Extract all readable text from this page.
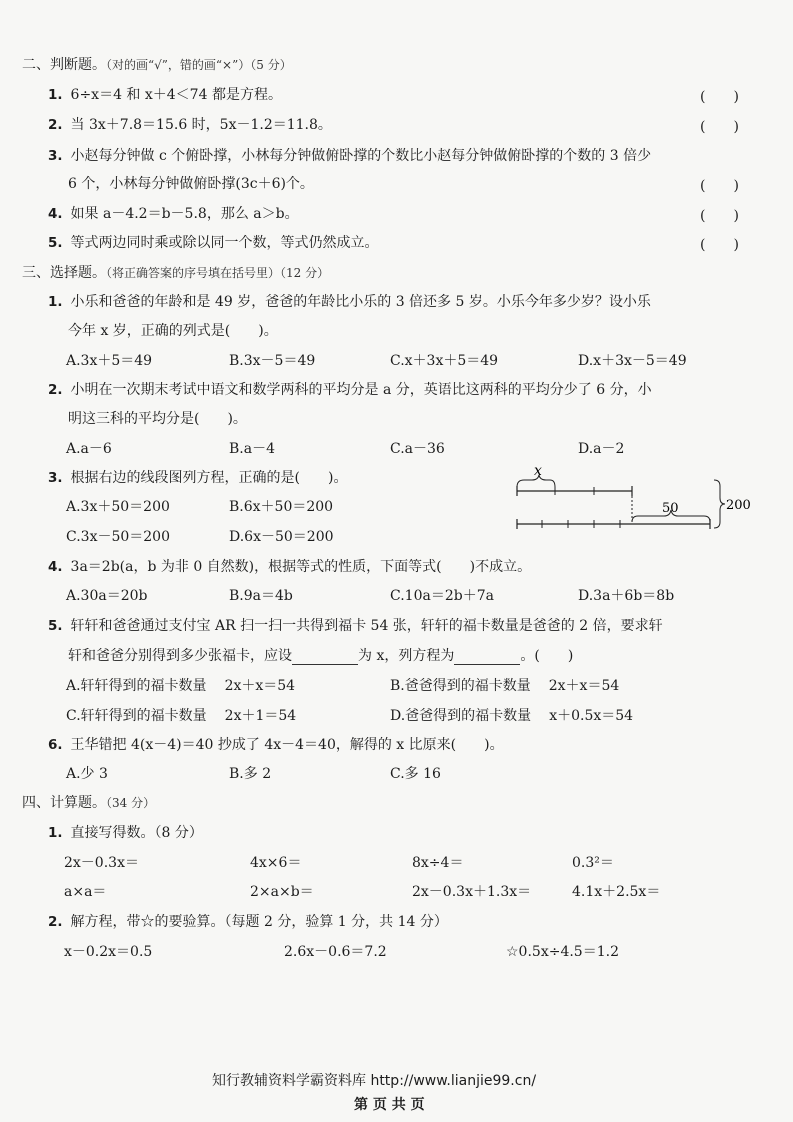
二、判断题。（对的画“√”，错的画“×”）（5 分）
1. 6÷x＝4 和 x＋4＜74 都是方程。	(　　)
2. 当 3x＋7.8＝15.6 时，5x－1.2＝11.8。	(　　)
3. 小赵每分钟做 c 个俯卧撑，小林每分钟做俯卧撑的个数比小赵每分钟做俯卧撑的个数的 3 倍少
6 个，小林每分钟做俯卧撑(3c＋6)个。	(　　)
4. 如果 a－4.2＝b－5.8，那么 a＞b。	(　　)
5. 等式两边同时乘或除以同一个数，等式仍然成立。	(　　)
三、选择题。（将正确答案的序号填在括号里）（12 分）
1. 小乐和爸爸的年龄和是 49 岁，爸爸的年龄比小乐的 3 倍还多 5 岁。小乐今年多少岁？设小乐
今年 x 岁，正确的列式是(　　)。
A.3x＋5＝49	B.3x－5＝49	C.x＋3x＋5＝49	D.x＋3x－5＝49
2. 小明在一次期末考试中语文和数学两科的平均分是 a 分，英语比这两科的平均分少了 6 分，小
明这三科的平均分是(　　)。
A.a－6	B.a－4	C.a－36	D.a－2
3. 根据右边的线段图列方程，正确的是(　　)。
A.3x＋50＝200	B.6x＋50＝200
C.3x－50＝200	D.6x－50＝200
x
50	200
4. 3a＝2b(a，b 为非 0 自然数)，根据等式的性质，下面等式(　　)不成立。
A.30a＝20b	B.9a＝4b	C.10a＝2b＋7a	D.3a＋6b＝8b
5. 轩轩和爸爸通过支付宝 AR 扫一扫一共得到福卡 54 张，轩轩的福卡数量是爸爸的 2 倍，要求轩
轩和爸爸分别得到多少张福卡，应设	为 x，列方程为	。(　　)
A.轩轩得到的福卡数量 2x＋x＝54	B.爸爸得到的福卡数量 2x＋x＝54
C.轩轩得到的福卡数量 2x＋1＝54	D.爸爸得到的福卡数量 x＋0.5x＝54
6. 王华错把 4(x－4)＝40 抄成了 4x－4＝40，解得的 x 比原来(　　)。
A.少 3	B.多 2	C.多 16
四、计算题。（34 分）
1. 直接写得数。（8 分）
2x－0.3x＝	4x×6＝	8x÷4＝	0.3²＝
a×a＝	2×a×b＝	2x－0.3x＋1.3x＝	4.1x＋2.5x＝
2. 解方程，带☆的要验算。（每题 2 分，验算 1 分，共 14 分）
x－0.2x＝0.5	2.6x－0.6＝7.2	☆0.5x÷4.5＝1.2
知行教辅资料学霸资料库 http://www.lianjie99.cn/
第 页 共 页
